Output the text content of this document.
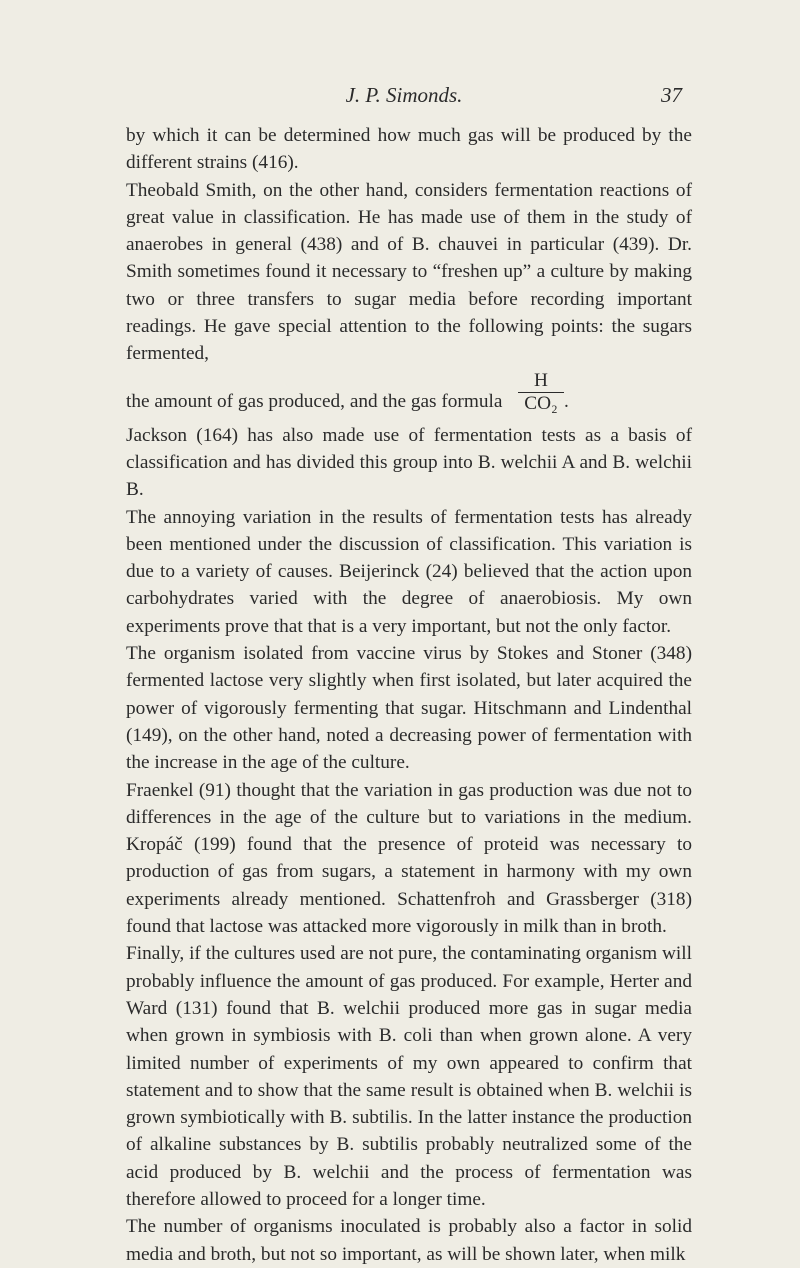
J. P. Simonds.	37

by which it can be determined how much gas will be produced by the different strains (416).

Theobald Smith, on the other hand, considers fermentation reactions of great value in classification. He has made use of them in the study of anaerobes in general (438) and of B. chauvei in particular (439). Dr. Smith sometimes found it necessary to “freshen up” a culture by making two or three transfers to sugar media before recording important readings. He gave special attention to the following points: the sugars fermented,

the amount of gas produced, and the gas formula $\frac{H}{\text{CO₂}}$ .

Jackson (164) has also made use of fermentation tests as a basis of classification and has divided this group into B. welchii A and B. welchii B.

The annoying variation in the results of fermentation tests has already been mentioned under the discussion of classification. This variation is due to a variety of causes. Beijerinck (24) believed that the action upon carbohydrates varied with the degree of anaerobiosis. My own experiments prove that that is a very important, but not the only factor.

The organism isolated from vaccine virus by Stokes and Stoner (348) fermented lactose very slightly when first isolated, but later acquired the power of vigorously fermenting that sugar. Hitschmann and Lindenthal (149), on the other hand, noted a decreasing power of fermentation with the increase in the age of the culture.

Fraenkel (91) thought that the variation in gas production was due not to differences in the age of the culture but to variations in the medium. Kropáč (199) found that the presence of proteid was necessary to production of gas from sugars, a statement in harmony with my own experiments already mentioned. Schattenfroh and Grassberger (318) found that lactose was attacked more vigorously in milk than in broth.

Finally, if the cultures used are not pure, the contaminating organism will probably influence the amount of gas produced. For example, Herter and Ward (131) found that B. welchii produced more gas in sugar media when grown in symbiosis with B. coli than when grown alone. A very limited number of experiments of my own appeared to confirm that statement and to show that the same result is obtained when B. welchii is grown symbiotically with B. subtilis. In the latter instance the production of alkaline substances by B. subtilis probably neutralized some of the acid produced by B. welchii and the process of fermentation was therefore allowed to proceed for a longer time.

The number of organisms inoculated is probably also a factor in solid media and broth, but not so important, as will be shown later, when milk
